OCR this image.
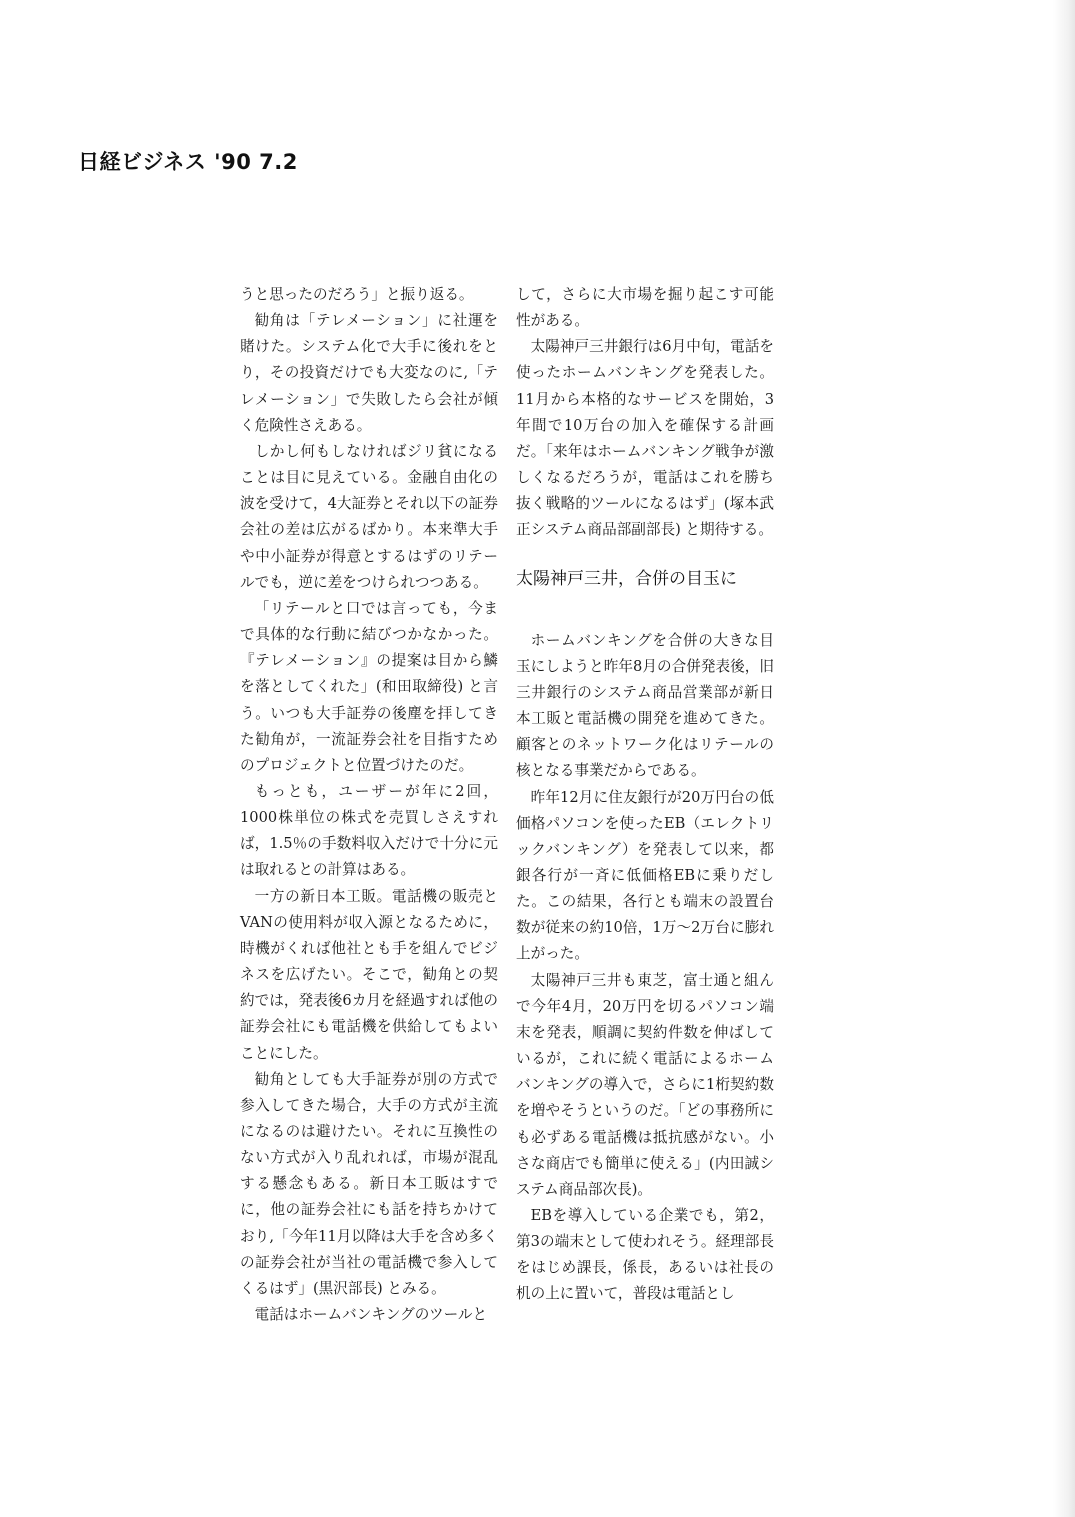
日経ビジネス '90 7.2

うと思ったのだろう」と振り返る。

勧角は「テレメーション」に社運を賭けた。システム化で大手に後れをとり，その投資だけでも大変なのに,「テレメーション」で失敗したら会社が傾く危険性さえある。

しかし何もしなければジリ貧になることは目に見えている。金融自由化の波を受けて，4大証券とそれ以下の証券会社の差は広がるばかり。本来準大手や中小証券が得意とするはずのリテールでも，逆に差をつけられつつある。

「リテールと口では言っても，今まで具体的な行動に結びつかなかった。『テレメーション』の提案は目から鱗を落としてくれた」(和田取締役) と言う。いつも大手証券の後塵を拝してきた勧角が，一流証券会社を目指すためのプロジェクトと位置づけたのだ。

もっとも，ユーザーが年に2回，1000株単位の株式を売買しさえすれば，1.5％の手数料収入だけで十分に元は取れるとの計算はある。

一方の新日本工販。電話機の販売とVANの使用料が収入源となるために，時機がくれば他社とも手を組んでビジネスを広げたい。そこで，勧角との契約では，発表後6カ月を経過すれば他の証券会社にも電話機を供給してもよいことにした。

勧角としても大手証券が別の方式で参入してきた場合，大手の方式が主流になるのは避けたい。それに互換性のない方式が入り乱れれば，市場が混乱する懸念もある。新日本工販はすでに，他の証券会社にも話を持ちかけており,「今年11月以降は大手を含め多くの証券会社が当社の電話機で参入してくるはず」(黒沢部長) とみる。

電話はホームバンキングのツールと

して，さらに大市場を掘り起こす可能性がある。

太陽神戸三井銀行は6月中旬，電話を使ったホームバンキングを発表した。11月から本格的なサービスを開始，3年間で10万台の加入を確保する計画だ。「来年はホームバンキング戦争が激しくなるだろうが，電話はこれを勝ち抜く戦略的ツールになるはず」(塚本武正システム商品部副部長) と期待する。

太陽神戸三井，合併の目玉に

ホームバンキングを合併の大きな目玉にしようと昨年8月の合併発表後，旧三井銀行のシステム商品営業部が新日本工販と電話機の開発を進めてきた。顧客とのネットワーク化はリテールの核となる事業だからである。

昨年12月に住友銀行が20万円台の低価格パソコンを使ったEB（エレクトリックバンキング）を発表して以来，都銀各行が一斉に低価格EBに乗りだした。この結果，各行とも端末の設置台数が従来の約10倍，1万～2万台に膨れ上がった。

太陽神戸三井も東芝，富士通と組んで今年4月，20万円を切るパソコン端末を発表，順調に契約件数を伸ばしているが，これに続く電話によるホームバンキングの導入で，さらに1桁契約数を増やそうというのだ。「どの事務所にも必ずある電話機は抵抗感がない。小さな商店でも簡単に使える」(内田誠システム商品部次長)。

EBを導入している企業でも，第2，第3の端末として使われそう。経理部長をはじめ課長，係長，あるいは社長の机の上に置いて，普段は電話とし
